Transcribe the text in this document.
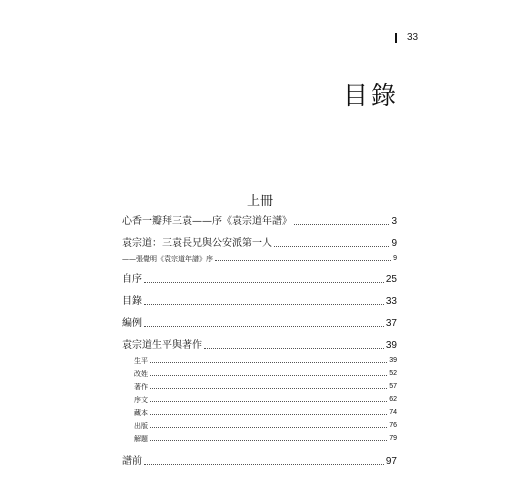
33
目錄
上冊
心香一瓣拜三袁——序《袁宗道年譜》	3
袁宗道：三袁長兄與公安派第一人	9
——張覺明《袁宗道年譜》序	9
自序	25
目錄	33
編例	37
袁宗道生平與著作	39
生平	39
改姓	52
著作	57
序文	62
藏本	74
出版	76
解題	79
譜前	97
